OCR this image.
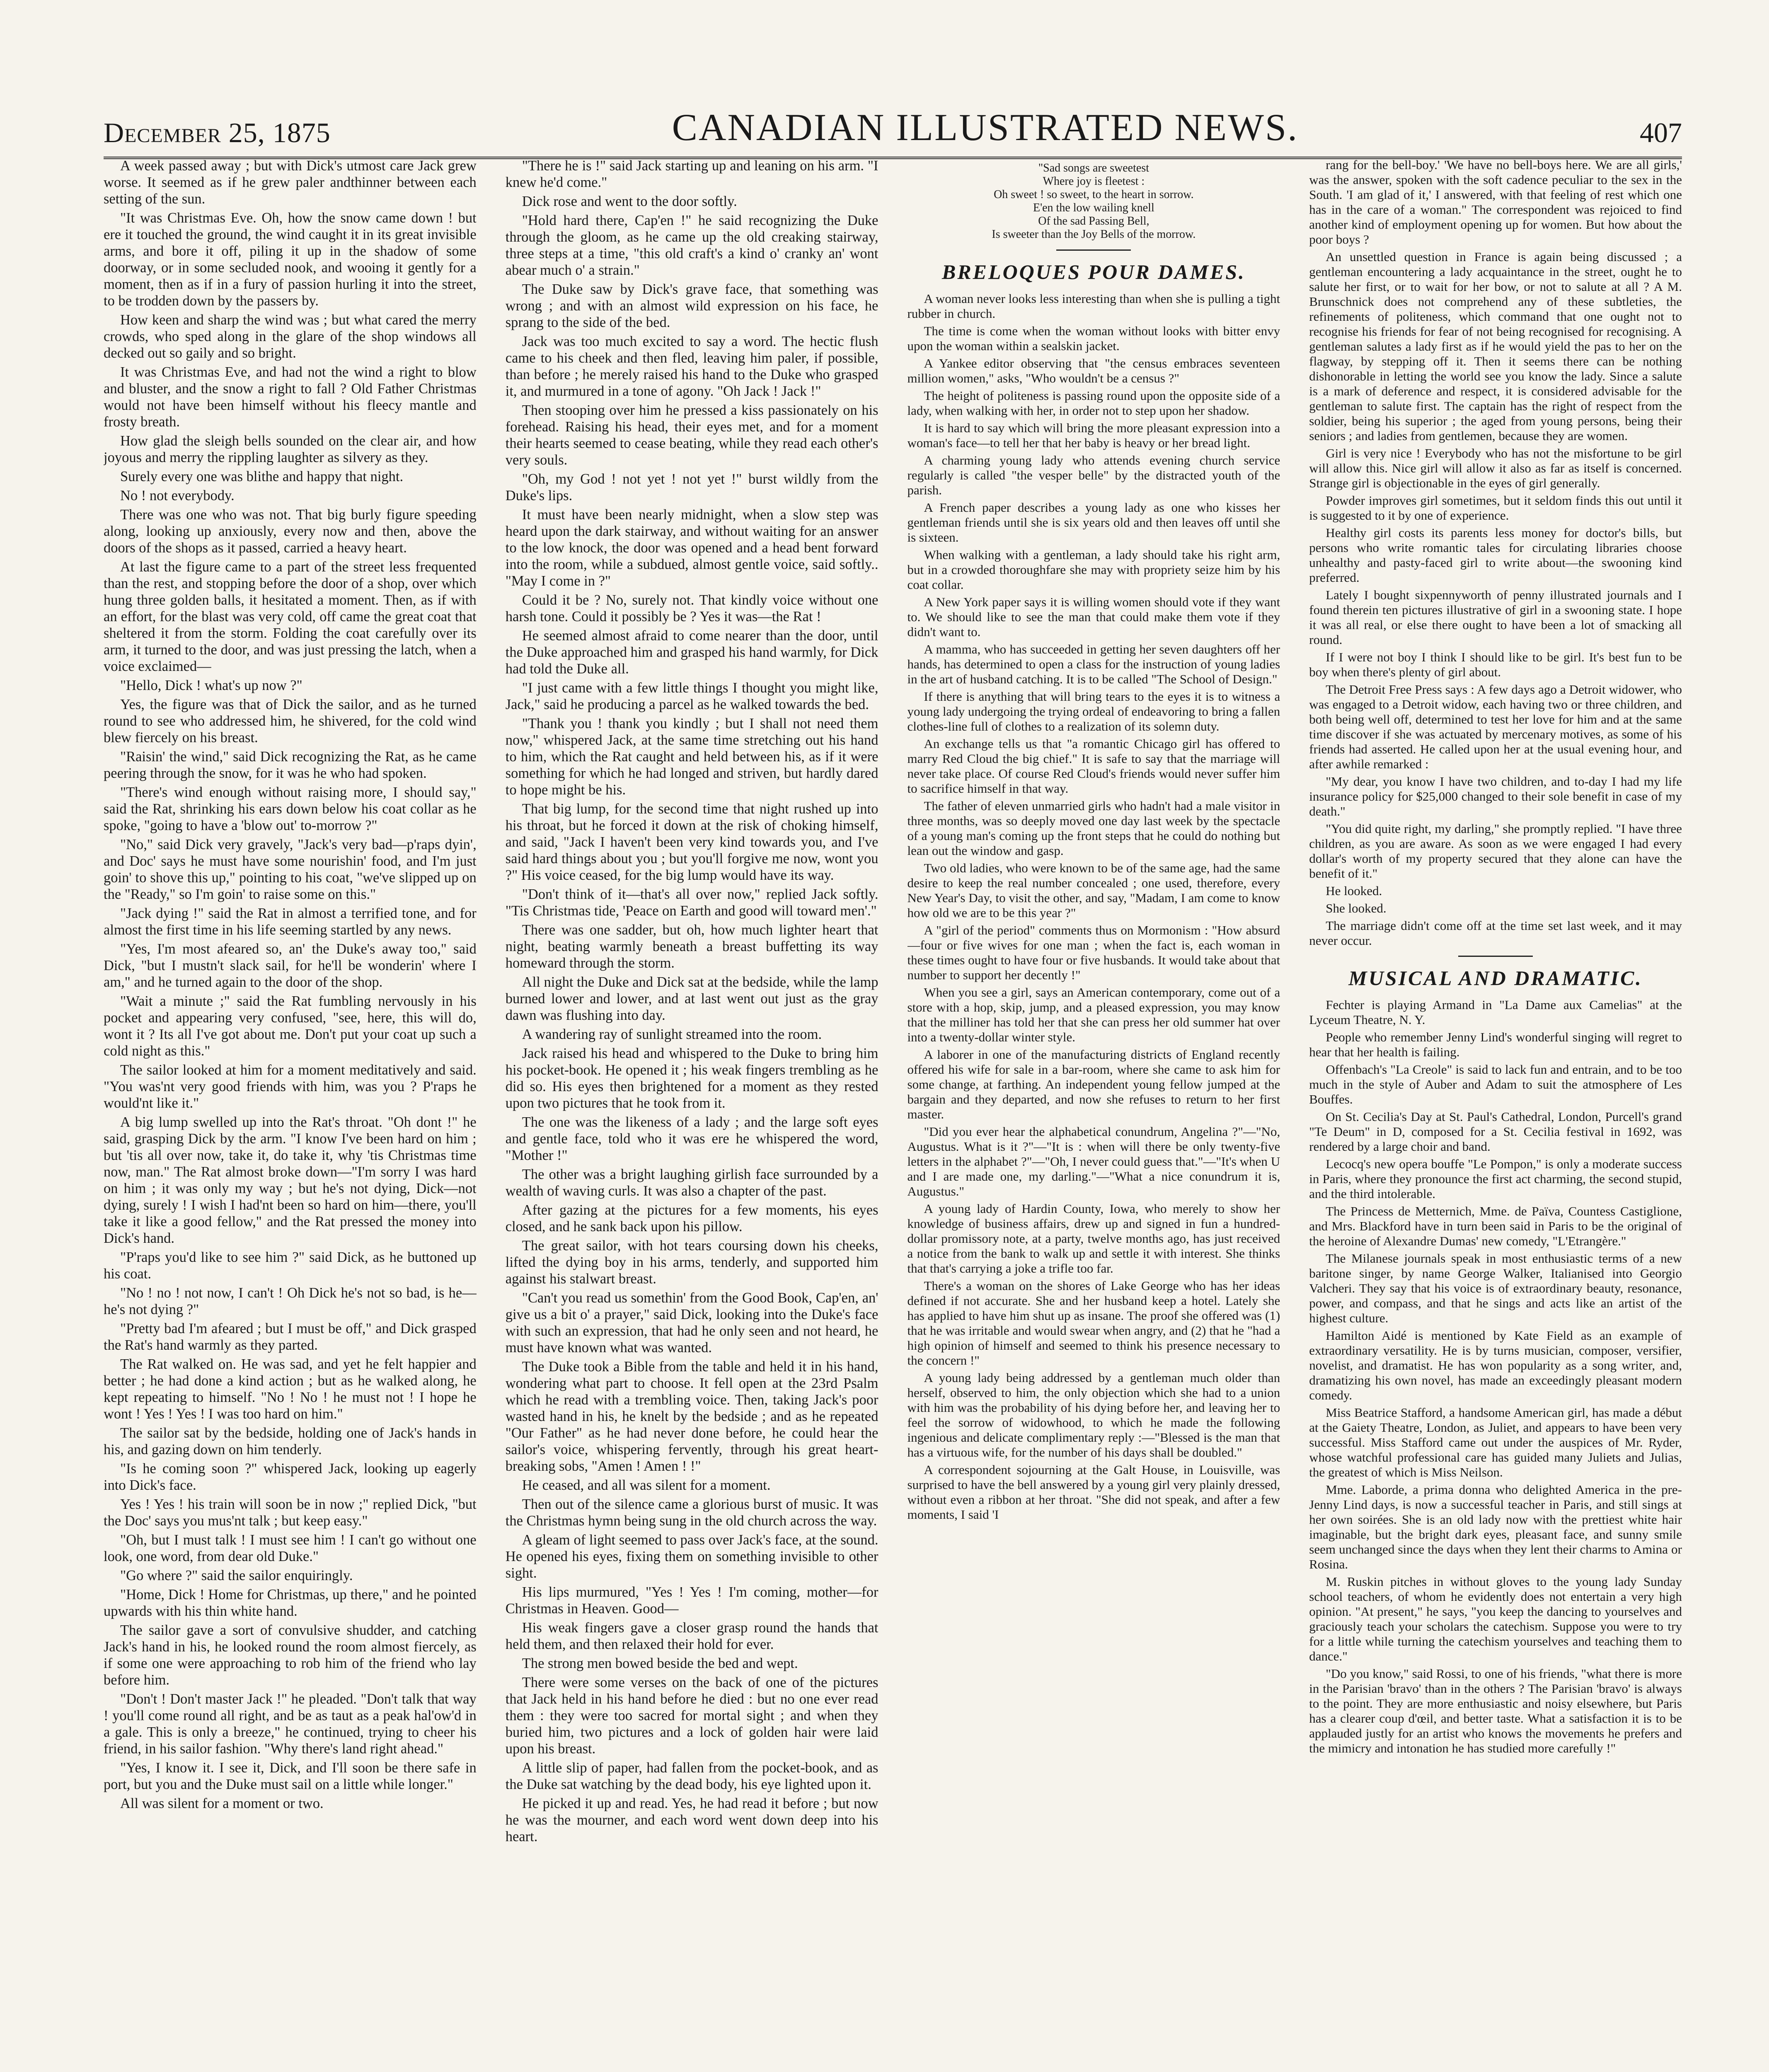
December 25, 1875	CANADIAN ILLUSTRATED NEWS.	407

A week passed away ; but with Dick's utmost care Jack grew worse. It seemed as if he grew paler andthinner between each setting of the sun.

"It was Christmas Eve. Oh, how the snow came down ! but ere it touched the ground, the wind caught it in its great invisible arms, and bore it off, piling it up in the shadow of some doorway, or in some secluded nook, and wooing it gently for a moment, then as if in a fury of passion hurling it into the street, to be trodden down by the passers by.

How keen and sharp the wind was ; but what cared the merry crowds, who sped along in the glare of the shop windows all decked out so gaily and so bright.

It was Christmas Eve, and had not the wind a right to blow and bluster, and the snow a right to fall ? Old Father Christmas would not have been himself without his fleecy mantle and frosty breath.

How glad the sleigh bells sounded on the clear air, and how joyous and merry the rippling laughter as silvery as they.

Surely every one was blithe and happy that night.

No ! not everybody.

There was one who was not. That big burly figure speeding along, looking up anxiously, every now and then, above the doors of the shops as it passed, carried a heavy heart.

At last the figure came to a part of the street less frequented than the rest, and stopping before the door of a shop, over which hung three golden balls, it hesitated a moment. Then, as if with an effort, for the blast was very cold, off came the great coat that sheltered it from the storm. Folding the coat carefully over its arm, it turned to the door, and was just pressing the latch, when a voice exclaimed—

"Hello, Dick ! what's up now ?"

Yes, the figure was that of Dick the sailor, and as he turned round to see who addressed him, he shivered, for the cold wind blew fiercely on his breast.

"Raisin' the wind," said Dick recognizing the Rat, as he came peering through the snow, for it was he who had spoken.

"There's wind enough without raising more, I should say," said the Rat, shrinking his ears down below his coat collar as he spoke, "going to have a 'blow out' to-morrow ?"

"No," said Dick very gravely, "Jack's very bad—p'raps dyin', and Doc' says he must have some nourishin' food, and I'm just goin' to shove this up," pointing to his coat, "we've slipped up on the "Ready," so I'm goin' to raise some on this."

"Jack dying !" said the Rat in almost a terrified tone, and for almost the first time in his life seeming startled by any news.

"Yes, I'm most afeared so, an' the Duke's away too," said Dick, "but I mustn't slack sail, for he'll be wonderin' where I am," and he turned again to the door of the shop.

"Wait a minute ;" said the Rat fumbling nervously in his pocket and appearing very confused, "see, here, this will do, wont it ? Its all I've got about me. Don't put your coat up such a cold night as this."

The sailor looked at him for a moment meditatively and said. "You was'nt very good friends with him, was you ? P'raps he would'nt like it."

A big lump swelled up into the Rat's throat. "Oh dont !" he said, grasping Dick by the arm. "I know I've been hard on him ; but 'tis all over now, take it, do take it, why 'tis Christmas time now, man." The Rat almost broke down—"I'm sorry I was hard on him ; it was only my way ; but he's not dying, Dick—not dying, surely ! I wish I had'nt been so hard on him—there, you'll take it like a good fellow," and the Rat pressed the money into Dick's hand.

"P'raps you'd like to see him ?" said Dick, as he buttoned up his coat.

"No ! no ! not now, I can't ! Oh Dick he's not so bad, is he—he's not dying ?"

"Pretty bad I'm afeared ; but I must be off," and Dick grasped the Rat's hand warmly as they parted.

The Rat walked on. He was sad, and yet he felt happier and better ; he had done a kind action ; but as he walked along, he kept repeating to himself. "No ! No ! he must not ! I hope he wont ! Yes ! Yes ! I was too hard on him."

The sailor sat by the bedside, holding one of Jack's hands in his, and gazing down on him tenderly.

"Is he coming soon ?" whispered Jack, looking up eagerly into Dick's face.

Yes ! Yes ! his train will soon be in now ;" replied Dick, "but the Doc' says you mus'nt talk ; but keep easy."

"Oh, but I must talk ! I must see him ! I can't go without one look, one word, from dear old Duke."

"Go where ?" said the sailor enquiringly.

"Home, Dick ! Home for Christmas, up there," and he pointed upwards with his thin white hand.

The sailor gave a sort of convulsive shudder, and catching Jack's hand in his, he looked round the room almost fiercely, as if some one were approaching to rob him of the friend who lay before him.

"Don't ! Don't master Jack !" he pleaded. "Don't talk that way ! you'll come round all right, and be as taut as a peak hal'ow'd in a gale. This is only a breeze," he continued, trying to cheer his friend, in his sailor fashion. "Why there's land right ahead."

"Yes, I know it. I see it, Dick, and I'll soon be there safe in port, but you and the Duke must sail on a little while longer."

All was silent for a moment or two.

"There he is !" said Jack starting up and leaning on his arm. "I knew he'd come."

Dick rose and went to the door softly.

"Hold hard there, Cap'en !" he said recognizing the Duke through the gloom, as he came up the old creaking stairway, three steps at a time, "this old craft's a kind o' cranky an' wont abear much o' a strain."

The Duke saw by Dick's grave face, that something was wrong ; and with an almost wild expression on his face, he sprang to the side of the bed.

Jack was too much excited to say a word. The hectic flush came to his cheek and then fled, leaving him paler, if possible, than before ; he merely raised his hand to the Duke who grasped it, and murmured in a tone of agony. "Oh Jack ! Jack !"

Then stooping over him he pressed a kiss passionately on his forehead. Raising his head, their eyes met, and for a moment their hearts seemed to cease beating, while they read each other's very souls.

"Oh, my God ! not yet ! not yet !" burst wildly from the Duke's lips.

It must have been nearly midnight, when a slow step was heard upon the dark stairway, and without waiting for an answer to the low knock, the door was opened and a head bent forward into the room, while a subdued, almost gentle voice, said softly.. "May I come in ?"

Could it be ? No, surely not. That kindly voice without one harsh tone. Could it possibly be ? Yes it was—the Rat !

He seemed almost afraid to come nearer than the door, until the Duke approached him and grasped his hand warmly, for Dick had told the Duke all.

"I just came with a few little things I thought you might like, Jack," said he producing a parcel as he walked towards the bed.

"Thank you ! thank you kindly ; but I shall not need them now," whispered Jack, at the same time stretching out his hand to him, which the Rat caught and held between his, as if it were something for which he had longed and striven, but hardly dared to hope might be his.

That big lump, for the second time that night rushed up into his throat, but he forced it down at the risk of choking himself, and said, "Jack I haven't been very kind towards you, and I've said hard things about you ; but you'll forgive me now, wont you ?" His voice ceased, for the big lump would have its way.

"Don't think of it—that's all over now," replied Jack softly. "Tis Christmas tide, 'Peace on Earth and good will toward men'."

There was one sadder, but oh, how much lighter heart that night, beating warmly beneath a breast buffetting its way homeward through the storm.

All night the Duke and Dick sat at the bedside, while the lamp burned lower and lower, and at last went out just as the gray dawn was flushing into day.

A wandering ray of sunlight streamed into the room.

Jack raised his head and whispered to the Duke to bring him his pocket-book. He opened it ; his weak fingers trembling as he did so. His eyes then brightened for a moment as they rested upon two pictures that he took from it.

The one was the likeness of a lady ; and the large soft eyes and gentle face, told who it was ere he whispered the word, "Mother !"

The other was a bright laughing girlish face surrounded by a wealth of waving curls. It was also a chapter of the past.

After gazing at the pictures for a few moments, his eyes closed, and he sank back upon his pillow.

The great sailor, with hot tears coursing down his cheeks, lifted the dying boy in his arms, tenderly, and supported him against his stalwart breast.

"Can't you read us somethin' from the Good Book, Cap'en, an' give us a bit o' a prayer," said Dick, looking into the Duke's face with such an expression, that had he only seen and not heard, he must have known what was wanted.

The Duke took a Bible from the table and held it in his hand, wondering what part to choose. It fell open at the 23rd Psalm which he read with a trembling voice. Then, taking Jack's poor wasted hand in his, he knelt by the bedside ; and as he repeated "Our Father" as he had never done before, he could hear the sailor's voice, whispering fervently, through his great heart-breaking sobs, "Amen ! Amen ! !"

He ceased, and all was silent for a moment.

Then out of the silence came a glorious burst of music. It was the Christmas hymn being sung in the old church across the way.

A gleam of light seemed to pass over Jack's face, at the sound. He opened his eyes, fixing them on something invisible to other sight.

His lips murmured, "Yes ! Yes ! I'm coming, mother—for Christmas in Heaven. Good—

His weak fingers gave a closer grasp round the hands that held them, and then relaxed their hold for ever.

The strong men bowed beside the bed and wept.

There were some verses on the back of one of the pictures that Jack held in his hand before he died : but no one ever read them : they were too sacred for mortal sight ; and when they buried him, two pictures and a lock of golden hair were laid upon his breast.

A little slip of paper, had fallen from the pocket-book, and as the Duke sat watching by the dead body, his eye lighted upon it.

He picked it up and read. Yes, he had read it before ; but now he was the mourner, and each word went down deep into his heart.

"Sad songs are sweetest
Where joy is fleetest :
Oh sweet ! so sweet, to the heart in sorrow.
E'en the low wailing knell
Of the sad Passing Bell,
Is sweeter than the Joy Bells of the morrow.
BRELOQUES POUR DAMES.

A woman never looks less interesting than when she is pulling a tight rubber in church.

The time is come when the woman without looks with bitter envy upon the woman within a sealskin jacket.

A Yankee editor observing that "the census embraces seventeen million women," asks, "Who wouldn't be a census ?"

The height of politeness is passing round upon the opposite side of a lady, when walking with her, in order not to step upon her shadow.

It is hard to say which will bring the more pleasant expression into a woman's face—to tell her that her baby is heavy or her bread light.

A charming young lady who attends evening church service regularly is called "the vesper belle" by the distracted youth of the parish.

A French paper describes a young lady as one who kisses her gentleman friends until she is six years old and then leaves off until she is sixteen.

When walking with a gentleman, a lady should take his right arm, but in a crowded thoroughfare she may with propriety seize him by his coat collar.

A New York paper says it is willing women should vote if they want to. We should like to see the man that could make them vote if they didn't want to.

A mamma, who has succeeded in getting her seven daughters off her hands, has determined to open a class for the instruction of young ladies in the art of husband catching. It is to be called "The School of Design."

If there is anything that will bring tears to the eyes it is to witness a young lady undergoing the trying ordeal of endeavoring to bring a fallen clothes-line full of clothes to a realization of its solemn duty.

An exchange tells us that "a romantic Chicago girl has offered to marry Red Cloud the big chief." It is safe to say that the marriage will never take place. Of course Red Cloud's friends would never suffer him to sacrifice himself in that way.

The father of eleven unmarried girls who hadn't had a male visitor in three months, was so deeply moved one day last week by the spectacle of a young man's coming up the front steps that he could do nothing but lean out the window and gasp.

Two old ladies, who were known to be of the same age, had the same desire to keep the real number concealed ; one used, therefore, every New Year's Day, to visit the other, and say, "Madam, I am come to know how old we are to be this year ?"

A "girl of the period" comments thus on Mormonism : "How absurd—four or five wives for one man ; when the fact is, each woman in these times ought to have four or five husbands. It would take about that number to support her decently !"

When you see a girl, says an American contemporary, come out of a store with a hop, skip, jump, and a pleased expression, you may know that the milliner has told her that she can press her old summer hat over into a twenty-dollar winter style.

A laborer in one of the manufacturing districts of England recently offered his wife for sale in a bar-room, where she came to ask him for some change, at farthing. An independent young fellow jumped at the bargain and they departed, and now she refuses to return to her first master.

"Did you ever hear the alphabetical conundrum, Angelina ?"—"No, Augustus. What is it ?"—"It is : when will there be only twenty-five letters in the alphabet ?"—"Oh, I never could guess that."—"It's when U and I are made one, my darling."—"What a nice conundrum it is, Augustus."

A young lady of Hardin County, Iowa, who merely to show her knowledge of business affairs, drew up and signed in fun a hundred-dollar promissory note, at a party, twelve months ago, has just received a notice from the bank to walk up and settle it with interest. She thinks that that's carrying a joke a trifle too far.

There's a woman on the shores of Lake George who has her ideas defined if not accurate. She and her husband keep a hotel. Lately she has applied to have him shut up as insane. The proof she offered was (1) that he was irritable and would swear when angry, and (2) that he "had a high opinion of himself and seemed to think his presence necessary to the concern !"

A young lady being addressed by a gentleman much older than herself, observed to him, the only objection which she had to a union with him was the probability of his dying before her, and leaving her to feel the sorrow of widowhood, to which he made the following ingenious and delicate complimentary reply :—"Blessed is the man that has a virtuous wife, for the number of his days shall be doubled."

A correspondent sojourning at the Galt House, in Louisville, was surprised to have the bell answered by a young girl very plainly dressed, without even a ribbon at her throat. "She did not speak, and after a few moments, I said 'I

rang for the bell-boy.' 'We have no bell-boys here. We are all girls,' was the answer, spoken with the soft cadence peculiar to the sex in the South. 'I am glad of it,' I answered, with that feeling of rest which one has in the care of a woman." The correspondent was rejoiced to find another kind of employment opening up for women. But how about the poor boys ?

An unsettled question in France is again being discussed ; a gentleman encountering a lady acquaintance in the street, ought he to salute her first, or to wait for her bow, or not to salute at all ? A M. Brunschnick does not comprehend any of these subtleties, the refinements of politeness, which command that one ought not to recognise his friends for fear of not being recognised for recognising. A gentleman salutes a lady first as if he would yield the pas to her on the flagway, by stepping off it. Then it seems there can be nothing dishonorable in letting the world see you know the lady. Since a salute is a mark of deference and respect, it is considered advisable for the gentleman to salute first. The captain has the right of respect from the soldier, being his superior ; the aged from young persons, being their seniors ; and ladies from gentlemen, because they are women.

Girl is very nice ! Everybody who has not the misfortune to be girl will allow this. Nice girl will allow it also as far as itself is concerned. Strange girl is objectionable in the eyes of girl generally.

Powder improves girl sometimes, but it seldom finds this out until it is suggested to it by one of experience.

Healthy girl costs its parents less money for doctor's bills, but persons who write romantic tales for circulating libraries choose unhealthy and pasty-faced girl to write about—the swooning kind preferred.

Lately I bought sixpennyworth of penny illustrated journals and I found therein ten pictures illustrative of girl in a swooning state. I hope it was all real, or else there ought to have been a lot of smacking all round.

If I were not boy I think I should like to be girl. It's best fun to be boy when there's plenty of girl about.

The Detroit Free Press says : A few days ago a Detroit widower, who was engaged to a Detroit widow, each having two or three children, and both being well off, determined to test her love for him and at the same time discover if she was actuated by mercenary motives, as some of his friends had asserted. He called upon her at the usual evening hour, and after awhile remarked :

"My dear, you know I have two children, and to-day I had my life insurance policy for $25,000 changed to their sole benefit in case of my death."

"You did quite right, my darling," she promptly replied. "I have three children, as you are aware. As soon as we were engaged I had every dollar's worth of my property secured that they alone can have the benefit of it."

He looked.

She looked.

The marriage didn't come off at the time set last week, and it may never occur.

MUSICAL AND DRAMATIC.

Fechter is playing Armand in "La Dame aux Camelias" at the Lyceum Theatre, N. Y.

People who remember Jenny Lind's wonderful singing will regret to hear that her health is failing.

Offenbach's "La Creole" is said to lack fun and entrain, and to be too much in the style of Auber and Adam to suit the atmosphere of Les Bouffes.

On St. Cecilia's Day at St. Paul's Cathedral, London, Purcell's grand "Te Deum" in D, composed for a St. Cecilia festival in 1692, was rendered by a large choir and band.

Lecocq's new opera bouffe "Le Pompon," is only a moderate success in Paris, where they pronounce the first act charming, the second stupid, and the third intolerable.

The Princess de Metternich, Mme. de Païva, Countess Castiglione, and Mrs. Blackford have in turn been said in Paris to be the original of the heroine of Alexandre Dumas' new comedy, "L'Etrangère."

The Milanese journals speak in most enthusiastic terms of a new baritone singer, by name George Walker, Italianised into Georgio Valcheri. They say that his voice is of extraordinary beauty, resonance, power, and compass, and that he sings and acts like an artist of the highest culture.

Hamilton Aidé is mentioned by Kate Field as an example of extraordinary versatility. He is by turns musician, composer, versifier, novelist, and dramatist. He has won popularity as a song writer, and, dramatizing his own novel, has made an exceedingly pleasant modern comedy.

Miss Beatrice Stafford, a handsome American girl, has made a début at the Gaiety Theatre, London, as Juliet, and appears to have been very successful. Miss Stafford came out under the auspices of Mr. Ryder, whose watchful professional care has guided many Juliets and Julias, the greatest of which is Miss Neilson.

Mme. Laborde, a prima donna who delighted America in the pre-Jenny Lind days, is now a successful teacher in Paris, and still sings at her own soirées. She is an old lady now with the prettiest white hair imaginable, but the bright dark eyes, pleasant face, and sunny smile seem unchanged since the days when they lent their charms to Amina or Rosina.

M. Ruskin pitches in without gloves to the young lady Sunday school teachers, of whom he evidently does not entertain a very high opinion. "At present," he says, "you keep the dancing to yourselves and graciously teach your scholars the catechism. Suppose you were to try for a little while turning the catechism yourselves and teaching them to dance."

"Do you know," said Rossi, to one of his friends, "what there is more in the Parisian 'bravo' than in the others ? The Parisian 'bravo' is always to the point. They are more enthusiastic and noisy elsewhere, but Paris has a clearer coup d'œil, and better taste. What a satisfaction it is to be applauded justly for an artist who knows the movements he prefers and the mimicry and intonation he has studied more carefully !"
